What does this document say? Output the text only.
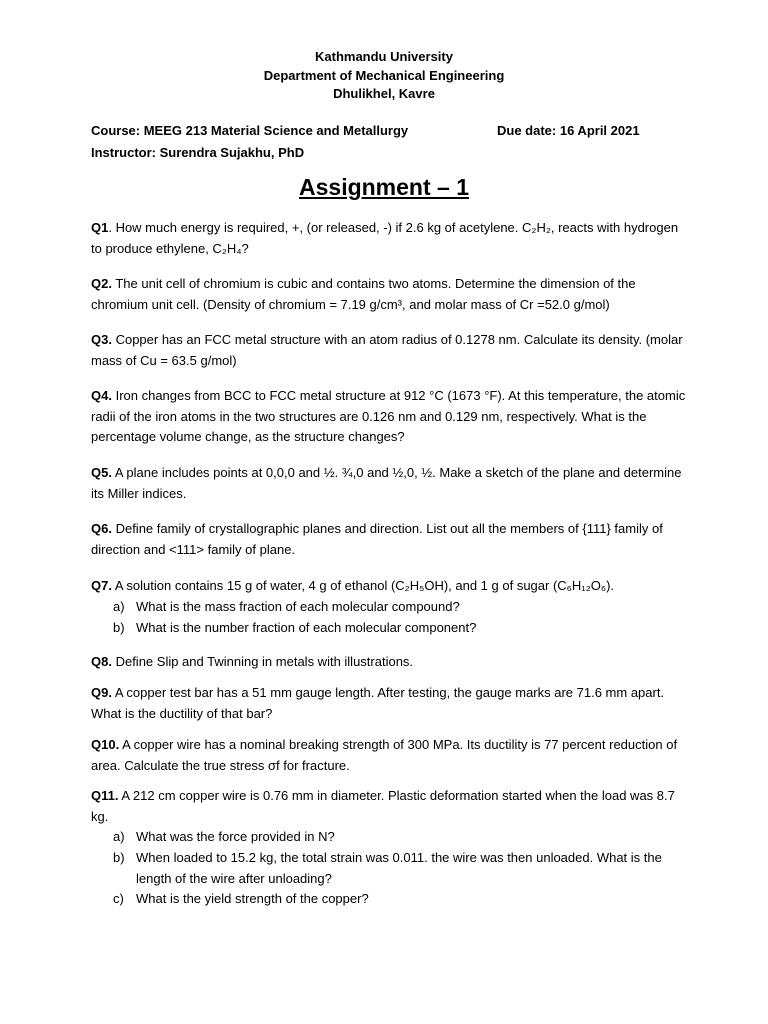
Kathmandu University
Department of Mechanical Engineering
Dhulikhel, Kavre
Course: MEEG 213 Material Science and Metallurgy	Due date: 16 April 2021
Instructor: Surendra Sujakhu, PhD
Assignment – 1
Q1. How much energy is required, +, (or released, -) if 2.6 kg of acetylene. C₂H₂, reacts with hydrogen to produce ethylene, C₂H₄?
Q2. The unit cell of chromium is cubic and contains two atoms. Determine the dimension of the chromium unit cell. (Density of chromium = 7.19 g/cm³, and molar mass of Cr =52.0 g/mol)
Q3. Copper has an FCC metal structure with an atom radius of 0.1278 nm. Calculate its density. (molar mass of Cu = 63.5 g/mol)
Q4. Iron changes from BCC to FCC metal structure at 912 °C (1673 °F). At this temperature, the atomic radii of the iron atoms in the two structures are 0.126 nm and 0.129 nm, respectively. What is the percentage volume change, as the structure changes?
Q5. A plane includes points at 0,0,0 and ½. ¾,0 and ½,0, ½. Make a sketch of the plane and determine its Miller indices.
Q6. Define family of crystallographic planes and direction. List out all the members of {111} family of direction and <111> family of plane.
Q7. A solution contains 15 g of water, 4 g of ethanol (C₂H₅OH), and 1 g of sugar (C₆H₁₂O₆).
a) What is the mass fraction of each molecular compound?
b) What is the number fraction of each molecular component?
Q8. Define Slip and Twinning in metals with illustrations.
Q9. A copper test bar has a 51 mm gauge length. After testing, the gauge marks are 71.6 mm apart. What is the ductility of that bar?
Q10. A copper wire has a nominal breaking strength of 300 MPa. Its ductility is 77 percent reduction of area. Calculate the true stress σf for fracture.
Q11. A 212 cm copper wire is 0.76 mm in diameter. Plastic deformation started when the load was 8.7 kg.
a) What was the force provided in N?
b) When loaded to 15.2 kg, the total strain was 0.011. the wire was then unloaded. What is the length of the wire after unloading?
c) What is the yield strength of the copper?
